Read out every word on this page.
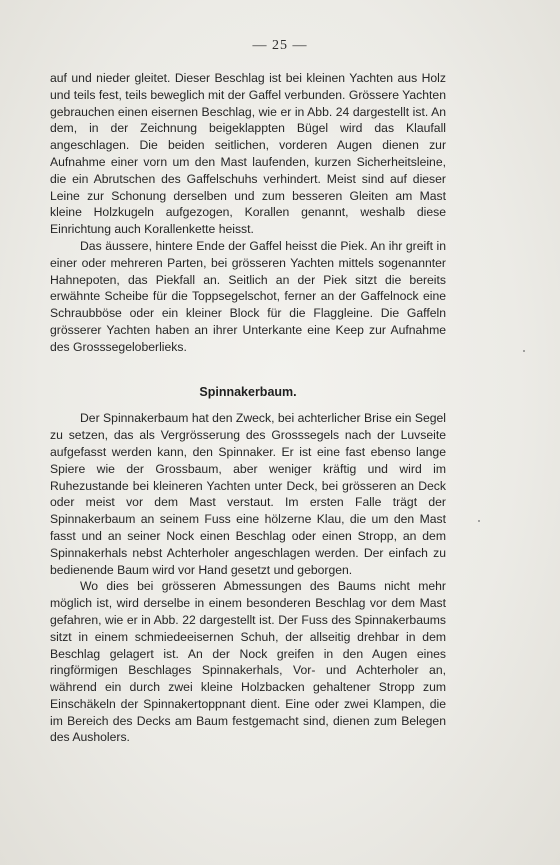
— 25 —

auf und nieder gleitet. Dieser Beschlag ist bei kleinen Yachten aus Holz und teils fest, teils beweglich mit der Gaffel verbunden. Grössere Yachten gebrauchen einen eisernen Beschlag, wie er in Abb. 24 dargestellt ist. An dem, in der Zeichnung beigeklappten Bügel wird das Klaufall angeschlagen. Die beiden seitlichen, vorderen Augen dienen zur Aufnahme einer vorn um den Mast laufenden, kurzen Sicherheitsleine, die ein Abrutschen des Gaffelschuhs verhindert. Meist sind auf dieser Leine zur Schonung derselben und zum besseren Gleiten am Mast kleine Holzkugeln aufgezogen, Korallen genannt, weshalb diese Einrichtung auch Korallenkette heisst.

Das äussere, hintere Ende der Gaffel heisst die Piek. An ihr greift in einer oder mehreren Parten, bei grösseren Yachten mittels sogenannter Hahnepoten, das Piekfall an. Seitlich an der Piek sitzt die bereits erwähnte Scheibe für die Toppsegelschot, ferner an der Gaffelnock eine Schraubböse oder ein kleiner Block für die Flaggleine. Die Gaffeln grösserer Yachten haben an ihrer Unterkante eine Keep zur Aufnahme des Grosssegeloberlieks.

Spinnakerbaum.

Der Spinnakerbaum hat den Zweck, bei achterlicher Brise ein Segel zu setzen, das als Vergrösserung des Grosssegels nach der Luvseite aufgefasst werden kann, den Spinnaker. Er ist eine fast ebenso lange Spiere wie der Grossbaum, aber weniger kräftig und wird im Ruhezustande bei kleineren Yachten unter Deck, bei grösseren an Deck oder meist vor dem Mast verstaut. Im ersten Falle trägt der Spinnakerbaum an seinem Fuss eine hölzerne Klau, die um den Mast fasst und an seiner Nock einen Beschlag oder einen Stropp, an dem Spinnakerhals nebst Achterholer angeschlagen werden. Der einfach zu bedienende Baum wird vor Hand gesetzt und geborgen.

Wo dies bei grösseren Abmessungen des Baums nicht mehr möglich ist, wird derselbe in einem besonderen Beschlag vor dem Mast gefahren, wie er in Abb. 22 dargestellt ist. Der Fuss des Spinnakerbaums sitzt in einem schmiedeeisernen Schuh, der allseitig drehbar in dem Beschlag gelagert ist. An der Nock greifen in den Augen eines ringförmigen Beschlages Spinnakerhals, Vor- und Achterholer an, während ein durch zwei kleine Holzbacken gehaltener Stropp zum Einschäkeln der Spinnakertoppnant dient. Eine oder zwei Klampen, die im Bereich des Decks am Baum festgemacht sind, dienen zum Belegen des Ausholers.
